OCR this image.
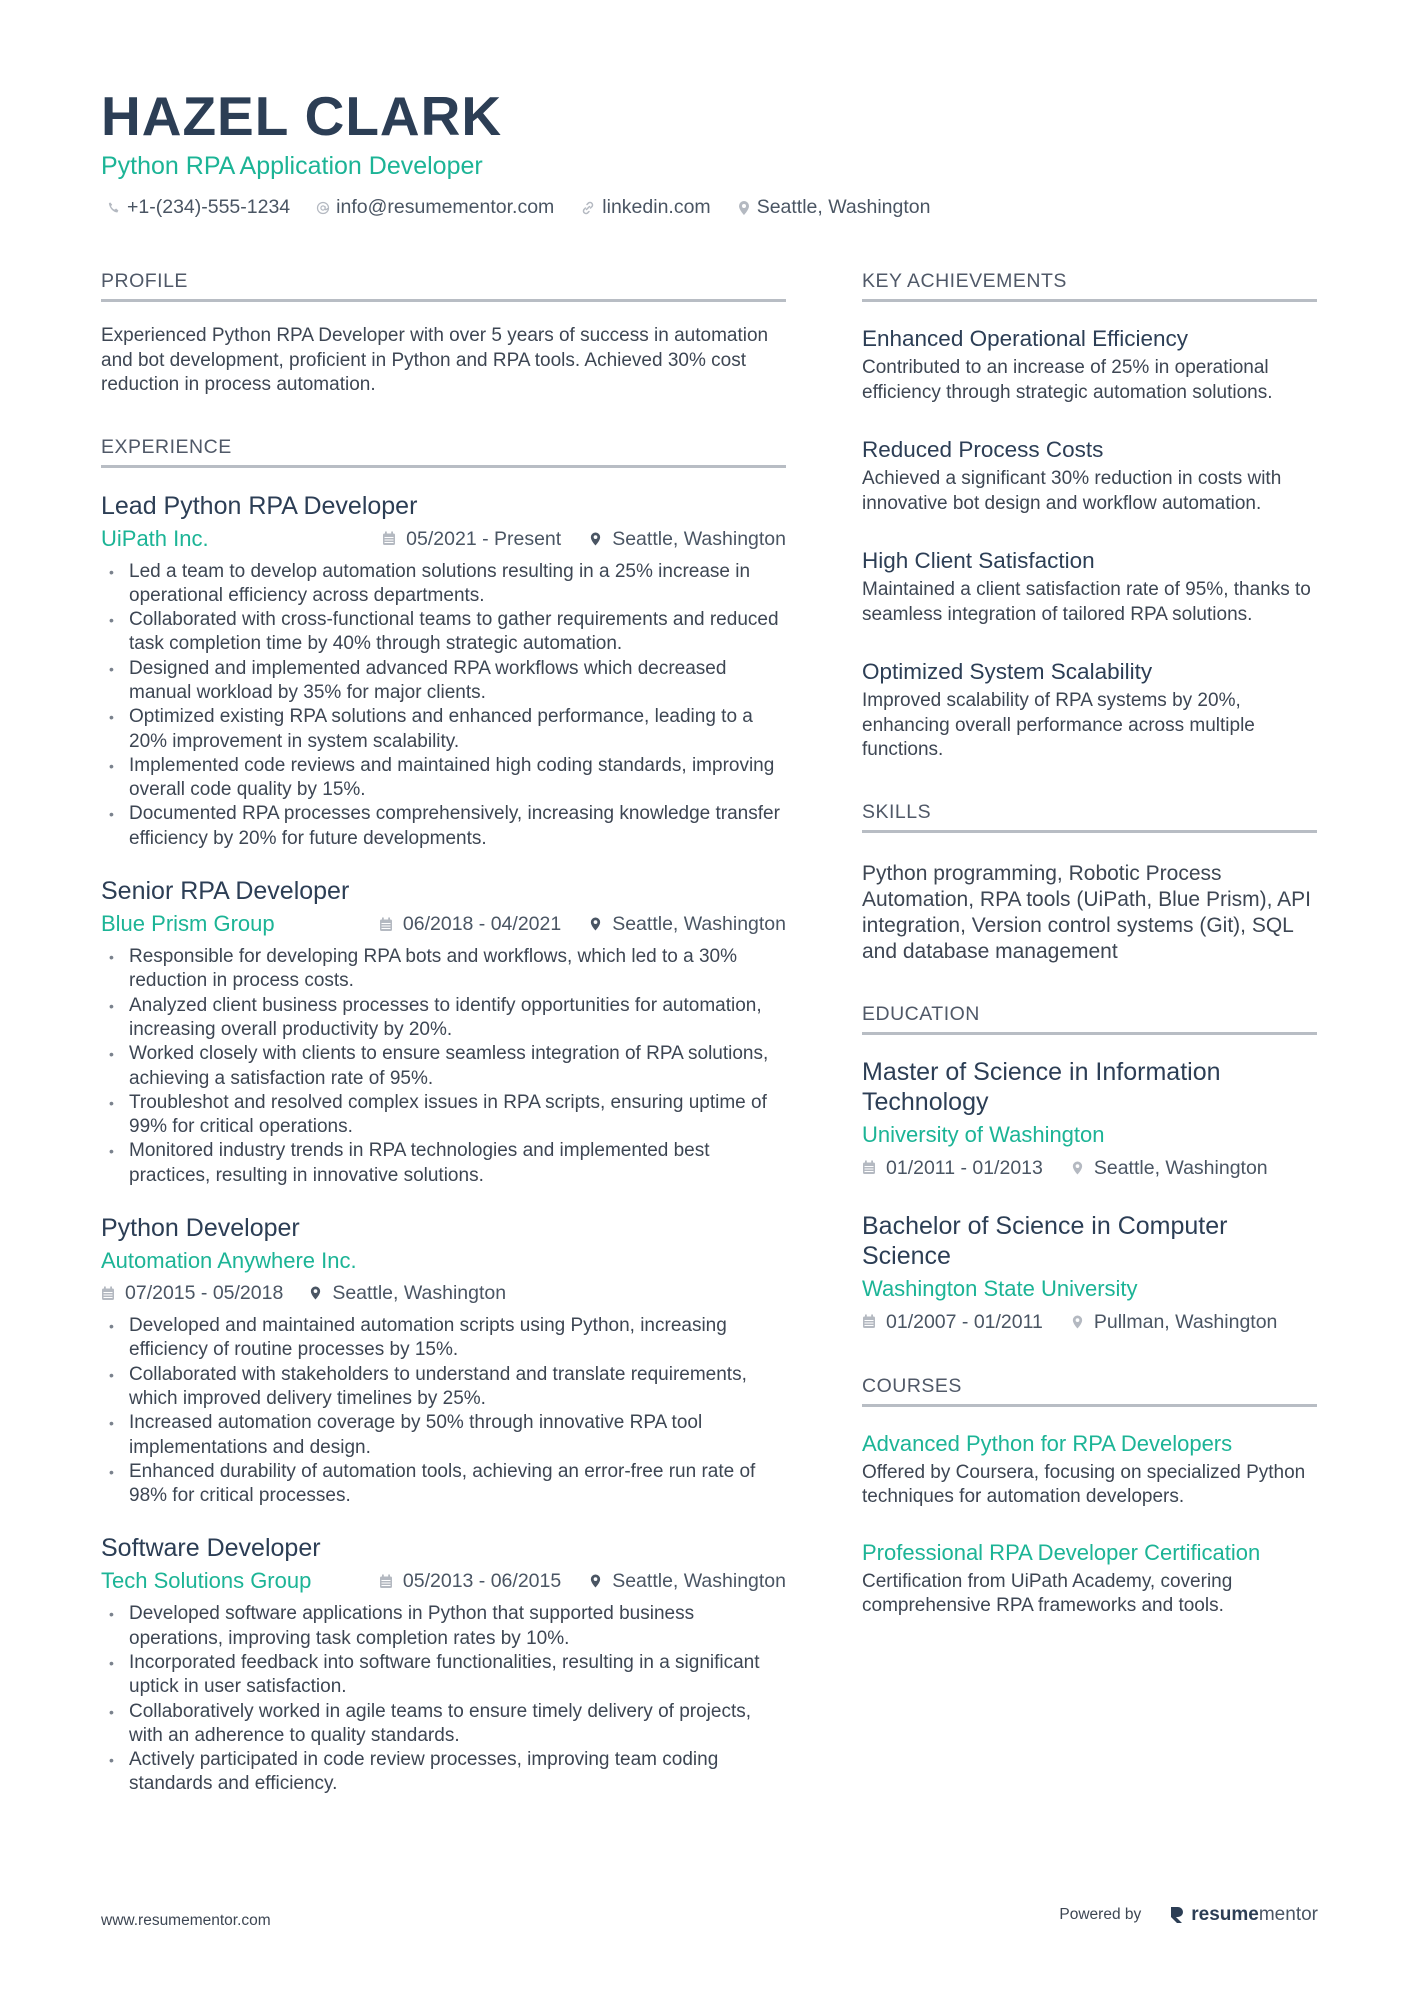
HAZEL CLARK
Python RPA Application Developer
+1-(234)-555-1234 info@resumementor.com linkedin.com Seattle, Washington
PROFILE
Experienced Python RPA Developer with over 5 years of success in automation and bot development, proficient in Python and RPA tools. Achieved 30% cost reduction in process automation.
EXPERIENCE
Lead Python RPA Developer
UiPath Inc.	05/2021 - Present	Seattle, Washington
• Led a team to develop automation solutions resulting in a 25% increase in operational efficiency across departments.
• Collaborated with cross-functional teams to gather requirements and reduced task completion time by 40% through strategic automation.
• Designed and implemented advanced RPA workflows which decreased manual workload by 35% for major clients.
• Optimized existing RPA solutions and enhanced performance, leading to a 20% improvement in system scalability.
• Implemented code reviews and maintained high coding standards, improving overall code quality by 15%.
• Documented RPA processes comprehensively, increasing knowledge transfer efficiency by 20% for future developments.
Senior RPA Developer
Blue Prism Group	06/2018 - 04/2021	Seattle, Washington
• Responsible for developing RPA bots and workflows, which led to a 30% reduction in process costs.
• Analyzed client business processes to identify opportunities for automation, increasing overall productivity by 20%.
• Worked closely with clients to ensure seamless integration of RPA solutions, achieving a satisfaction rate of 95%.
• Troubleshot and resolved complex issues in RPA scripts, ensuring uptime of 99% for critical operations.
• Monitored industry trends in RPA technologies and implemented best practices, resulting in innovative solutions.
Python Developer
Automation Anywhere Inc.
07/2015 - 05/2018	Seattle, Washington
• Developed and maintained automation scripts using Python, increasing efficiency of routine processes by 15%.
• Collaborated with stakeholders to understand and translate requirements, which improved delivery timelines by 25%.
• Increased automation coverage by 50% through innovative RPA tool implementations and design.
• Enhanced durability of automation tools, achieving an error-free run rate of 98% for critical processes.
Software Developer
Tech Solutions Group	05/2013 - 06/2015	Seattle, Washington
• Developed software applications in Python that supported business operations, improving task completion rates by 10%.
• Incorporated feedback into software functionalities, resulting in a significant uptick in user satisfaction.
• Collaboratively worked in agile teams to ensure timely delivery of projects, with an adherence to quality standards.
• Actively participated in code review processes, improving team coding standards and efficiency.
KEY ACHIEVEMENTS
Enhanced Operational Efficiency
Contributed to an increase of 25% in operational efficiency through strategic automation solutions.
Reduced Process Costs
Achieved a significant 30% reduction in costs with innovative bot design and workflow automation.
High Client Satisfaction
Maintained a client satisfaction rate of 95%, thanks to seamless integration of tailored RPA solutions.
Optimized System Scalability
Improved scalability of RPA systems by 20%, enhancing overall performance across multiple functions.
SKILLS
Python programming, Robotic Process Automation, RPA tools (UiPath, Blue Prism), API integration, Version control systems (Git), SQL and database management
EDUCATION
Master of Science in Information Technology
University of Washington
01/2011 - 01/2013	Seattle, Washington
Bachelor of Science in Computer Science
Washington State University
01/2007 - 01/2011	Pullman, Washington
COURSES
Advanced Python for RPA Developers
Offered by Coursera, focusing on specialized Python techniques for automation developers.
Professional RPA Developer Certification
Certification from UiPath Academy, covering comprehensive RPA frameworks and tools.
www.resumementor.com	Powered by	resumementor
